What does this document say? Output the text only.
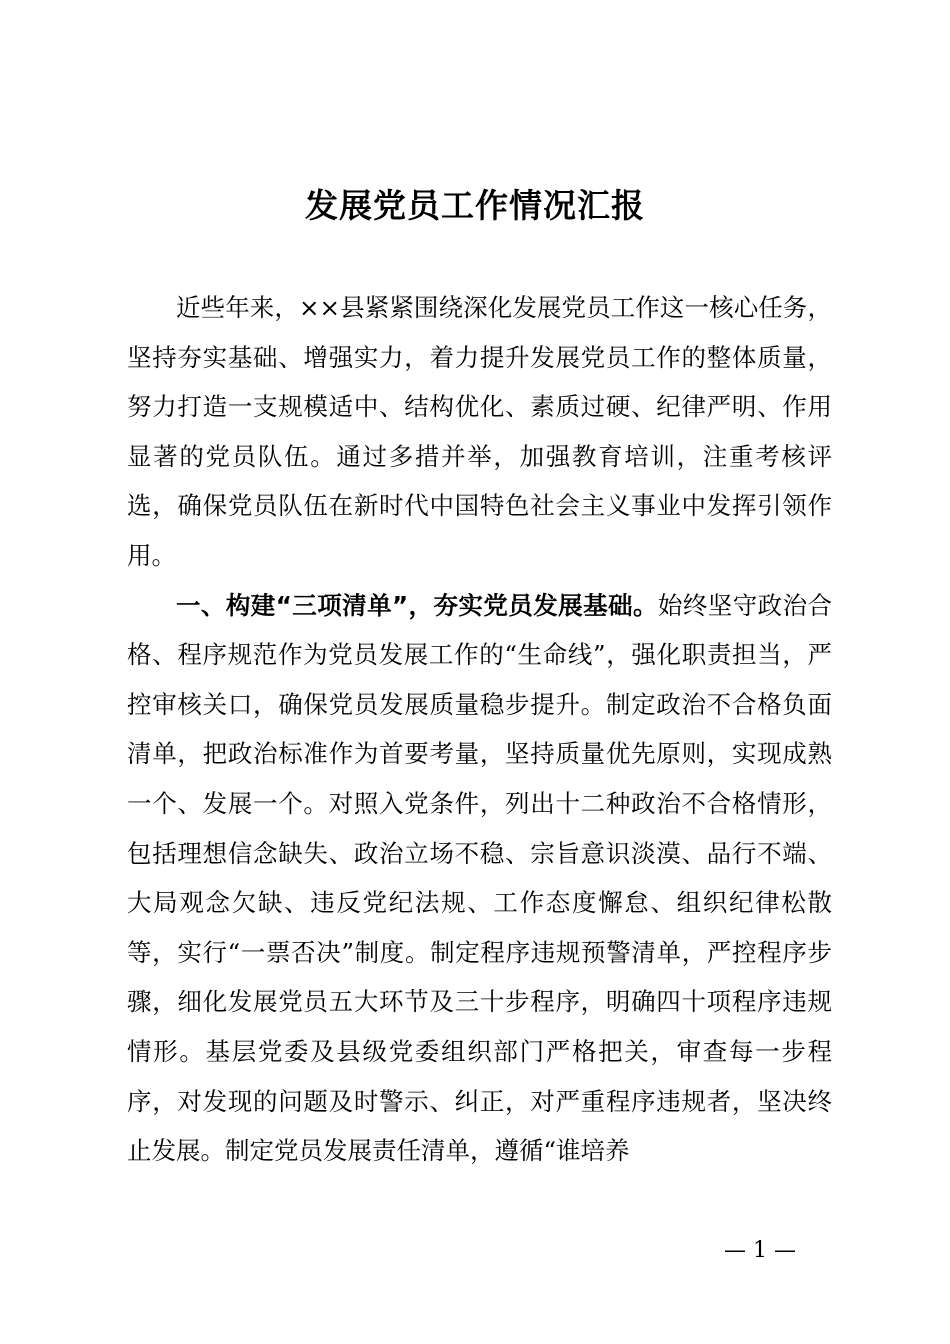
发展党员工作情况汇报

近些年来，××县紧紧围绕深化发展党员工作这一核心任务，坚持夯实基础、增强实力，着力提升发展党员工作的整体质量，努力打造一支规模适中、结构优化、素质过硬、纪律严明、作用显著的党员队伍。通过多措并举，加强教育培训，注重考核评选，确保党员队伍在新时代中国特色社会主义事业中发挥引领作用。

一、构建“三项清单”，夯实党员发展基础。始终坚守政治合格、程序规范作为党员发展工作的“生命线”，强化职责担当，严控审核关口，确保党员发展质量稳步提升。制定政治不合格负面清单，把政治标准作为首要考量，坚持质量优先原则，实现成熟一个、发展一个。对照入党条件，列出十二种政治不合格情形，包括理想信念缺失、政治立场不稳、宗旨意识淡漠、品行不端、大局观念欠缺、违反党纪法规、工作态度懈怠、组织纪律松散等，实行“一票否决”制度。制定程序违规预警清单，严控程序步骤，细化发展党员五大环节及三十步程序，明确四十项程序违规情形。基层党委及县级党委组织部门严格把关，审查每一步程序，对发现的问题及时警示、纠正，对严重程序违规者，坚决终止发展。制定党员发展责任清单，遵循“谁培养

— 1 —
